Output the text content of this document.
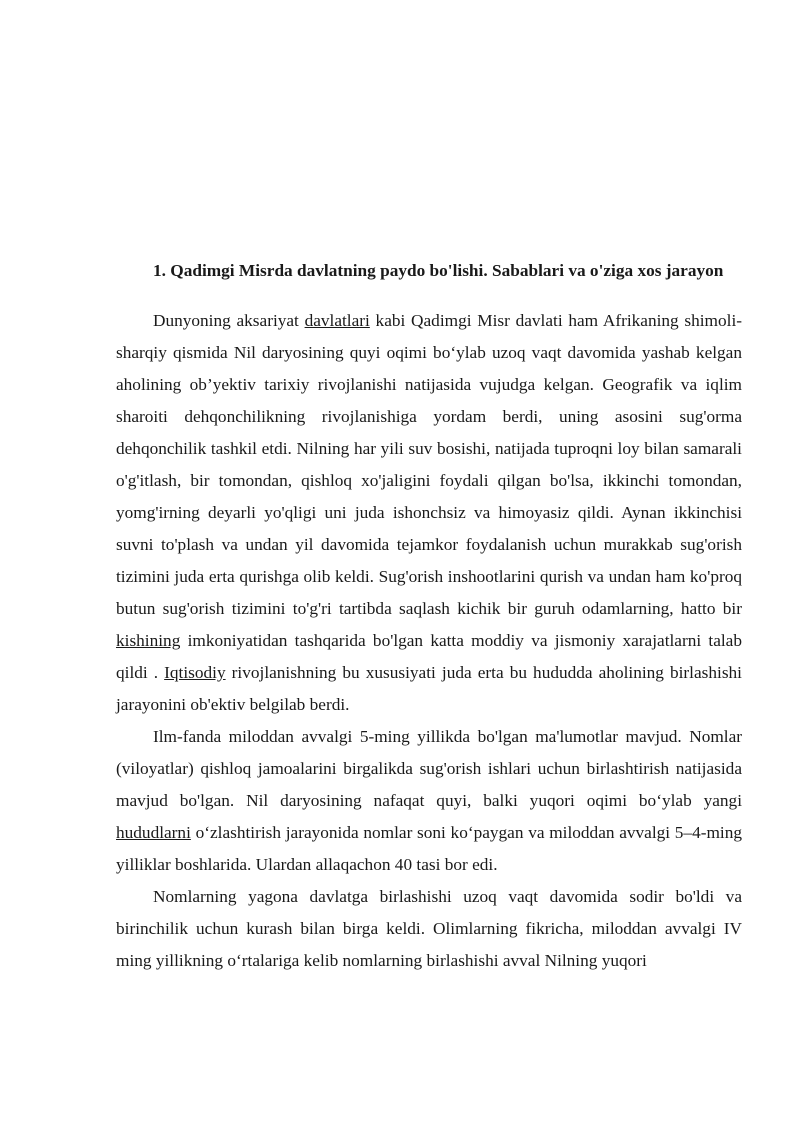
1. Qadimgi Misrda davlatning paydo bo'lishi. Sabablari va o'ziga xos jarayon

Dunyoning aksariyat davlatlari kabi Qadimgi Misr davlati ham Afrikaning shimoli-sharqiy qismida Nil daryosining quyi oqimi bo‘ylab uzoq vaqt davomida yashab kelgan aholining ob’yektiv tarixiy rivojlanishi natijasida vujudga kelgan. Geografik va iqlim sharoiti dehqonchilikning rivojlanishiga yordam berdi, uning asosini sug'orma dehqonchilik tashkil etdi. Nilning har yili suv bosishi, natijada tuproqni loy bilan samarali o'g'itlash, bir tomondan, qishloq xo'jaligini foydali qilgan bo'lsa, ikkinchi tomondan, yomg'irning deyarli yo'qligi uni juda ishonchsiz va himoyasiz qildi. Aynan ikkinchisi suvni to'plash va undan yil davomida tejamkor foydalanish uchun murakkab sug'orish tizimini juda erta qurishga olib keldi. Sug'orish inshootlarini qurish va undan ham ko'proq butun sug'orish tizimini to'g'ri tartibda saqlash kichik bir guruh odamlarning, hatto bir kishining imkoniyatidan tashqarida bo'lgan katta moddiy va jismoniy xarajatlarni talab qildi . Iqtisodiy rivojlanishning bu xususiyati juda erta bu hududda aholining birlashishi jarayonini ob'ektiv belgilab berdi.

Ilm-fanda miloddan avvalgi 5-ming yillikda bo'lgan ma'lumotlar mavjud. Nomlar (viloyatlar) qishloq jamoalarini birgalikda sug'orish ishlari uchun birlashtirish natijasida mavjud bo'lgan. Nil daryosining nafaqat quyi, balki yuqori oqimi bo‘ylab yangi hududlarni o‘zlashtirish jarayonida nomlar soni ko‘paygan va miloddan avvalgi 5–4-ming yilliklar boshlarida. Ulardan allaqachon 40 tasi bor edi.

Nomlarning yagona davlatga birlashishi uzoq vaqt davomida sodir bo'ldi va birinchilik uchun kurash bilan birga keldi. Olimlarning fikricha, miloddan avvalgi IV ming yillikning o‘rtalariga kelib nomlarning birlashishi avval Nilning yuqori
